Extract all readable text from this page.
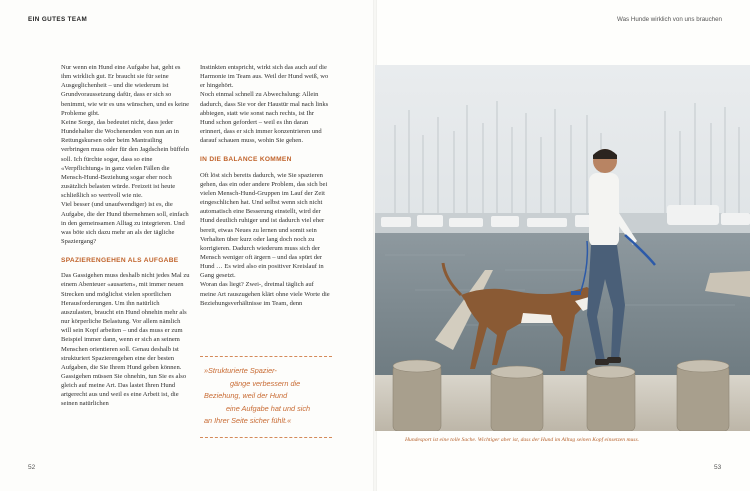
EIN GUTES TEAM	Was Hunde wirklich von uns brauchen

Nur wenn ein Hund eine Aufgabe hat, geht es ihm wirklich gut. Er braucht sie für seine Ausgeglichenheit – und die wiederum ist Grundvoraussetzung dafür, dass er sich so benimmt, wie wir es uns wünschen, und es keine Probleme gibt.

Keine Sorge, das bedeutet nicht, dass jeder Hundehalter die Wochenenden von nun an in Rettungskursen oder beim Mantrailing verbringen muss oder für den Jagdschein büffeln soll. Ich fürchte sogar, dass so eine «Verpflichtung» in ganz vielen Fällen die Mensch-Hund-Beziehung sogar eher noch zusätzlich belasten würde. Freizeit ist heute schließlich so wertvoll wie nie.

Viel besser (und unaufwendiger) ist es, die Aufgabe, die der Hund übernehmen soll, einfach in den gemeinsamen Alltag zu integrieren. Und was böte sich dazu mehr an als der tägliche Spaziergang?

SPAZIERENGEHEN ALS AUFGABE

Das Gassigehen muss deshalb nicht jedes Mal zu einem Abenteuer «ausarten», mit immer neuen Strecken und möglichst vielen sportlichen Herausforderungen. Um ihn natürlich auszulasten, braucht ein Hund ohnehin mehr als nur körperliche Belastung. Vor allem nämlich will sein Kopf arbeiten – und das muss er zum Beispiel immer dann, wenn er sich an seinem Menschen orientieren soll. Genau deshalb ist strukturiert Spazierengehen eine der besten Aufgaben, die Sie Ihrem Hund geben können. Gassigehen müssen Sie ohnehin, tun Sie es also gleich auf meine Art. Das lastet Ihren Hund artgerecht aus und weil es eine Arbeit ist, die seinen natürlichen

Instinkten entspricht, wirkt sich das auch auf die Harmonie im Team aus. Weil der Hund weiß, wo er hingehört.

Noch einmal schnell zu Abwechslung: Allein dadurch, dass Sie vor der Haustür mal nach links abbiegen, statt wie sonst nach rechts, ist Ihr Hund schon gefordert – weil es ihn daran erinnert, dass er sich immer konzentrieren und darauf schauen muss, wohin Sie gehen.

IN DIE BALANCE KOMMEN

Oft löst sich bereits dadurch, wie Sie spazieren gehen, das ein oder andere Problem, das sich bei vielen Mensch-Hund-Gruppen im Lauf der Zeit eingeschlichen hat. Und selbst wenn sich nicht automatisch eine Besserung einstellt, wird der Hund deutlich ruhiger und ist dadurch viel eher bereit, etwas Neues zu lernen und somit sein Verhalten über kurz oder lang doch noch zu korrigieren. Dadurch wiederum muss sich der Mensch weniger oft ärgern – und das spürt der Hund … Es wird also ein positiver Kreislauf in Gang gesetzt.

Woran das liegt? Zwei-, dreimal täglich auf meine Art rauszugehen klärt ohne viele Worte die Beziehungsverhältnisse im Team, denn

»Strukturierte Spazier-
gänge verbessern die
Beziehung, weil der Hund
eine Aufgabe hat und sich
an Ihrer Seite sicher fühlt.«
Hundesport ist eine tolle Sache. Wichtiger aber ist, dass der Hund im Alltag seinen Kopf einsetzen muss.
52	53
